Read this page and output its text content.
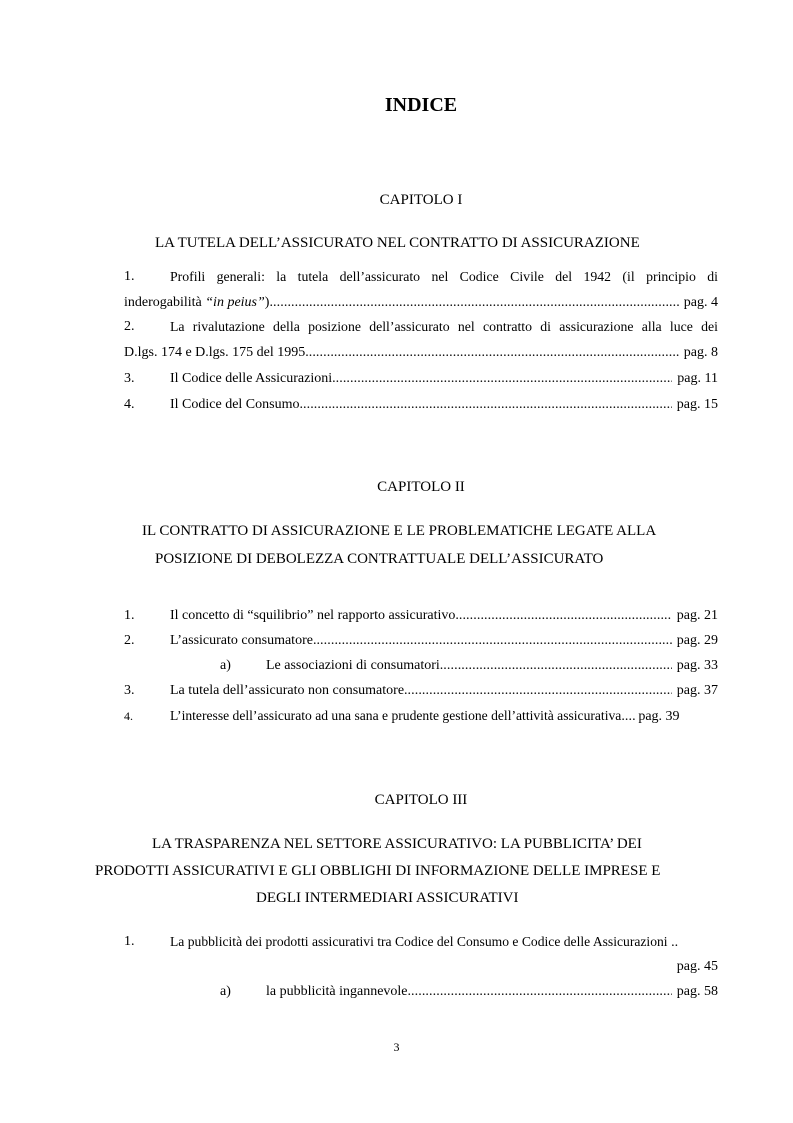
INDICE
CAPITOLO I
LA TUTELA DELL’ASSICURATO NEL CONTRATTO DI ASSICURAZIONE
1.	Profili generali: la tutela dell’assicurato nel Codice Civile del 1942 (il principio di
inderogabilità “in peius”) . . .	pag. 4
2.	La rivalutazione della posizione dell’assicurato nel contratto di assicurazione alla luce dei
D.lgs. 174 e D.lgs. 175 del 1995. . . .	pag. 8
3.	Il Codice delle Assicurazioni. . . .	pag. 11
4.	Il Codice del Consumo. . . .	pag. 15
CAPITOLO II
IL CONTRATTO DI ASSICURAZIONE E LE PROBLEMATICHE LEGATE ALLA
POSIZIONE DI DEBOLEZZA CONTRATTUALE DELL’ASSICURATO
1.	Il concetto di “squilibrio” nel rapporto assicurativo. . . .	pag. 21
2.	L’assicurato consumatore. . . .	pag. 29
a)	Le associazioni di consumatori. . . .	pag. 33
3.	La tutela dell’assicurato non consumatore. . . .	pag. 37
4.	L’interesse dell’assicurato ad una sana e prudente gestione dell’attività assicurativa . . . pag. 39
CAPITOLO III
LA TRASPARENZA NEL SETTORE ASSICURATIVO: LA PUBBLICITA’ DEI
PRODOTTI ASSICURATIVI E GLI OBBLIGHI DI INFORMAZIONE DELLE IMPRESE E
DEGLI INTERMEDIARI ASSICURATIVI
1.	La pubblicità dei prodotti assicurativi tra Codice del Consumo e Codice delle Assicurazioni ..
pag. 45
a)	la pubblicità ingannevole. . . .	pag. 58
3
